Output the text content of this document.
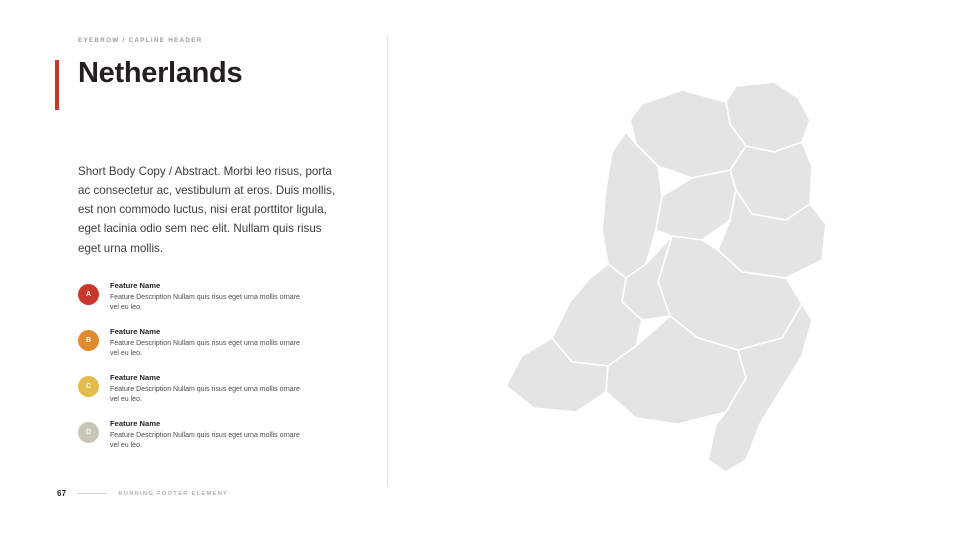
EYEBROW / CAPLINE HEADER

Netherlands

Short Body Copy / Abstract. Morbi leo risus, porta ac consectetur ac, vestibulum at eros. Duis mollis, est non commodo luctus, nisi erat porttitor ligula, eget lacinia odio sem nec elit. Nullam quis risus eget urna mollis.

A

Feature Name

Feature Description Nullam quis risus eget urna mollis ornare vel eu leo.

B

Feature Name

Feature Description Nullam quis risus eget urna mollis ornare vel eu leo.

C

Feature Name

Feature Description Nullam quis risus eget urna mollis ornare vel eu leo.

D

Feature Name

Feature Description Nullam quis risus eget urna mollis ornare vel eu leo.

67	RUNNING FOOTER ELEMENT
